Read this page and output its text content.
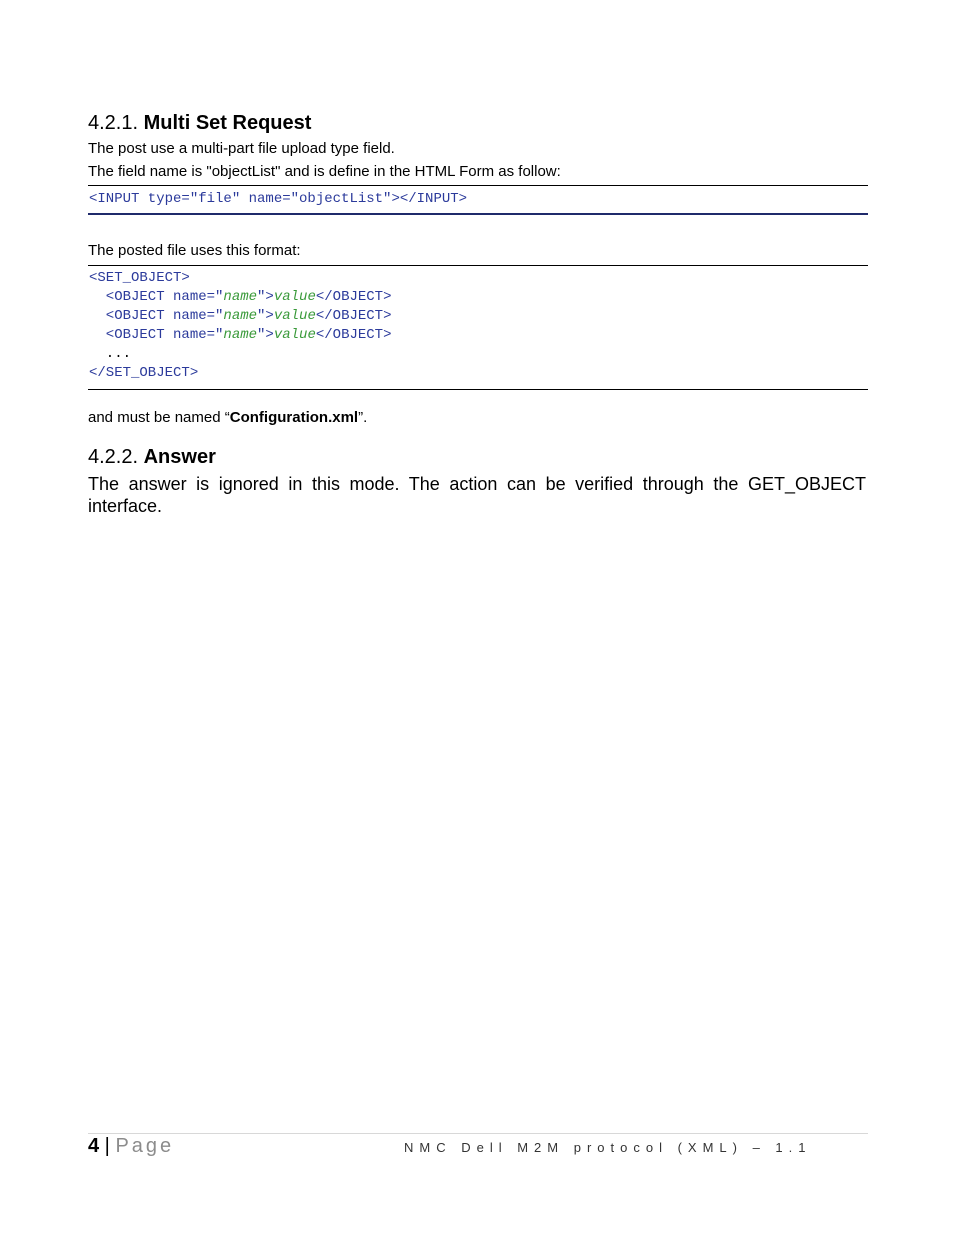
4.2.1. Multi Set Request
The post use a multi-part file upload type field.
The field name is "objectList" and is define in the HTML Form as follow:
<INPUT type="file" name="objectList"></INPUT>
The posted file uses this format:
<SET_OBJECT>
<OBJECT name="name">value</OBJECT>
<OBJECT name="name">value</OBJECT>
<OBJECT name="name">value</OBJECT>
...
</SET_OBJECT>
and must be named “Configuration.xml”.
4.2.2. Answer
The answer is ignored in this mode. The action can be verified through the GET_OBJECT interface.
4 | Page	NMC Dell M2M protocol (XML) – 1.1
